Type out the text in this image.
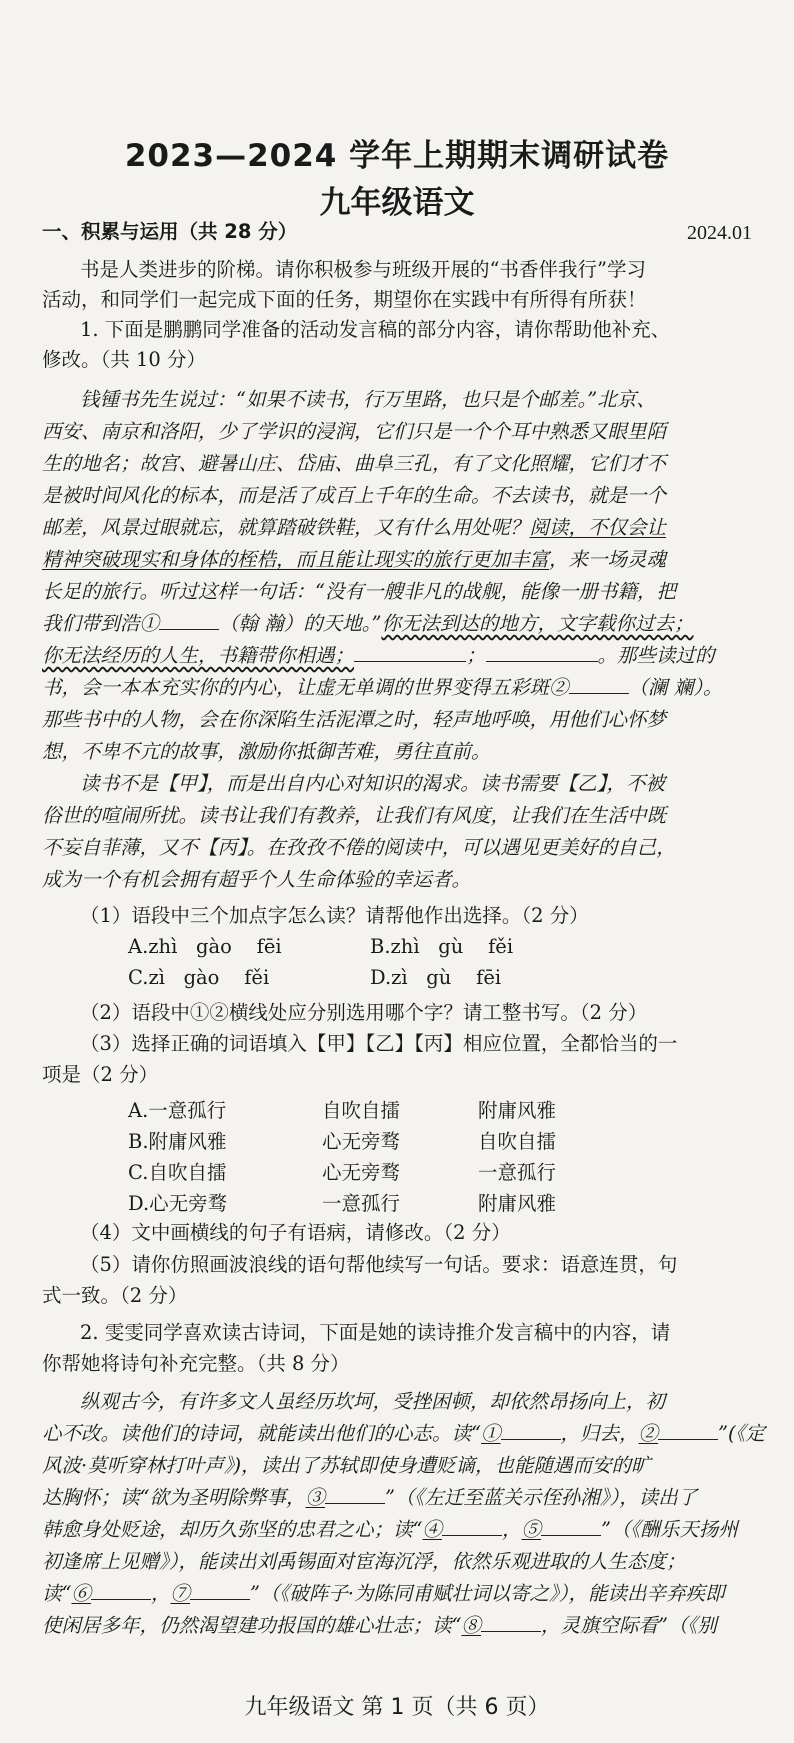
2023—2024 学年上期期末调研试卷
九年级语文
2024.01
一、积累与运用（共 28 分）
书是人类进步的阶梯。请你积极参与班级开展的“书香伴我行”学习
活动，和同学们一起完成下面的任务，期望你在实践中有所得有所获！
1. 下面是鹏鹏同学准备的活动发言稿的部分内容，请你帮助他补充、
修改。（共 10 分）
钱锺书先生说过：“如果不读书，行万里路，也只是个邮差。”北京、
西安、南京和洛阳，少了学识的浸润，它们只是一个个耳中熟悉又眼里陌
生的地名；故宫、避暑山庄、岱庙、曲阜三孔，有了文化照耀，它们才不
是被时间风化的标本，而是活了成百上千年的生命。不去读书，就是一个
邮差，风景过眼就忘，就算踏破铁鞋，又有什么用处呢？阅读，不仅会让
精神突破现实和身体的桎梏，而且能让现实的旅行更加丰富，来一场灵魂
长足的旅行。听过这样一句话：“没有一艘非凡的战舰，能像一册书籍，把
我们带到浩①	（翰 瀚）的天地。”你无法到达的地方，文字载你过去；
你无法经历的人生，书籍带你相遇；	；	。那些读过的
书，会一本本充实你的内心，让虚无单调的世界变得五彩斑②	（澜 斓）。
那些书中的人物，会在你深陷生活泥潭之时，轻声地呼唤，用他们心怀梦
想，不卑不亢的故事，激励你抵御苦难，勇往直前。
读书不是【甲】，而是出自内心对知识的渴求。读书需要【乙】，不被
俗世的喧闹所扰。读书让我们有教养，让我们有风度，让我们在生活中既
不妄自菲薄，又不【丙】。在孜孜不倦的阅读中，可以遇见更美好的自己，
成为一个有机会拥有超乎个人生命体验的幸运者。
（1）语段中三个加点字怎么读？请帮他作出选择。（2 分）
A.zhì gào fēi	B.zhì gù fěi
C.zì gào fěi	D.zì gù fēi
（2）语段中①②横线处应分别选用哪个字？请工整书写。（2 分）
（3）选择正确的词语填入【甲】【乙】【丙】相应位置，全都恰当的一
项是（2 分）
A.一意孤行	自吹自擂	附庸风雅
B.附庸风雅	心无旁骛	自吹自擂
C.自吹自擂	心无旁骛	一意孤行
D.心无旁骛	一意孤行	附庸风雅
（4）文中画横线的句子有语病，请修改。（2 分）
（5）请你仿照画波浪线的语句帮他续写一句话。要求：语意连贯，句
式一致。（2 分）
2. 雯雯同学喜欢读古诗词，下面是她的读诗推介发言稿中的内容，请
你帮她将诗句补充完整。（共 8 分）
纵观古今，有许多文人虽经历坎坷，受挫困顿，却依然昂扬向上，初
心不改。读他们的诗词，就能读出他们的心志。读“①	，归去，②	”(《定
风波·莫听穿林打叶声》)，读出了苏轼即使身遭贬谪，也能随遇而安的旷
达胸怀；读“欲为圣明除弊事，③	”（《左迁至蓝关示侄孙湘》），读出了
韩愈身处贬途，却历久弥坚的忠君之心；读“④	，⑤	”（《酬乐天扬州
初逢席上见赠》），能读出刘禹锡面对宦海沉浮，依然乐观进取的人生态度；
读“⑥	，⑦	”（《破阵子·为陈同甫赋壮词以寄之》），能读出辛弃疾即
使闲居多年，仍然渴望建功报国的雄心壮志；读“⑧	，灵旗空际看”（《别
九年级语文 第 1 页（共 6 页）
